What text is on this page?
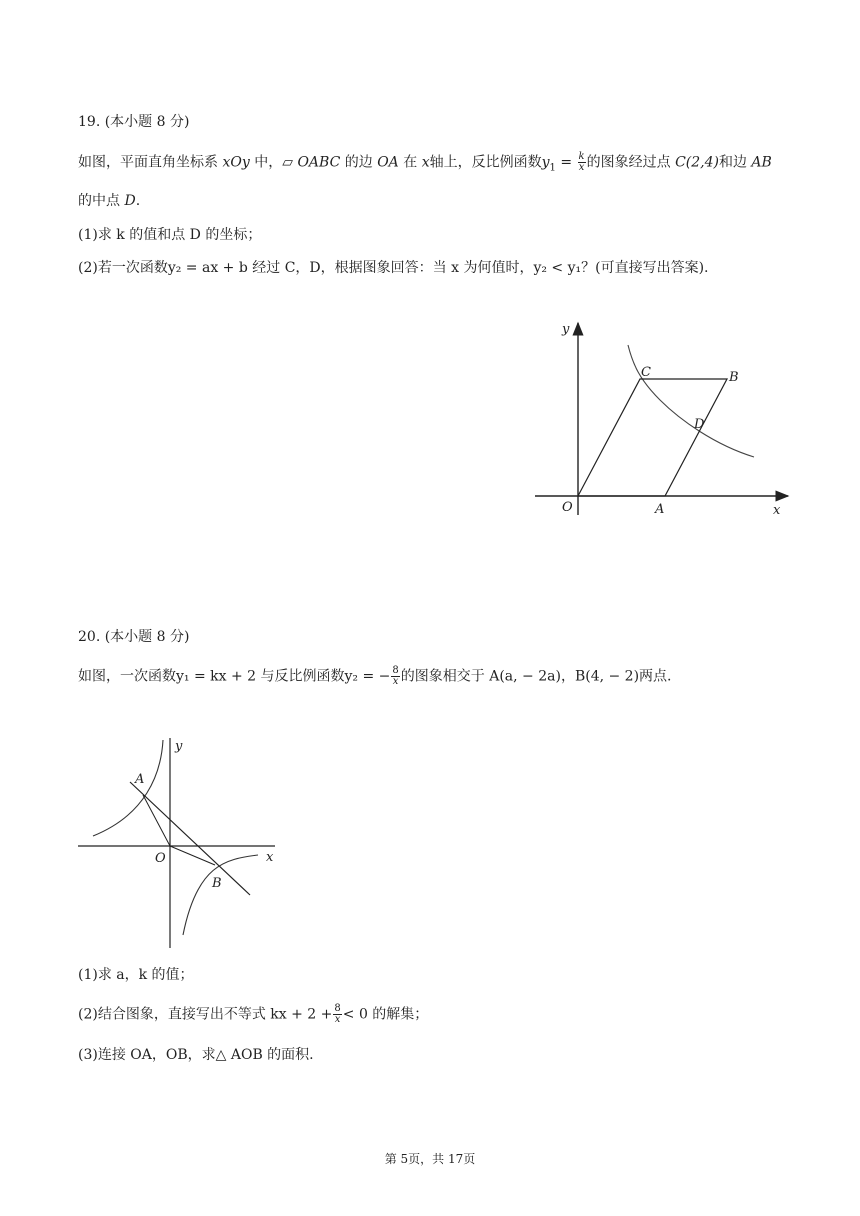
19. (本小题 8 分)
如图，平面直角坐标系 xOy 中，▱ OABC 的边 OA 在 x轴上，反比例函数$y_1 = \frac{k}{x}$ 的图象经过点 C(2,4)和边 AB
的中点 D.
(1)求 k 的值和点 D 的坐标；
(2)若一次函数y₂ = ax + b 经过 C，D，根据图象回答：当 x 为何值时，y₂ < y₁？(可直接写出答案).
y
x
O	A
B
C
D
20. (本小题 8 分)
如图，一次函数y₁ = kx + 2 与反比例函数y₂ = − $\frac{8}{x}$ 的图象相交于 A(a, − 2a)，B(4, − 2)两点.
y
x
O
A
B
(1)求 a，k 的值；
(2)结合图象，直接写出不等式 kx + $2 + \frac{8}{x} < 0$ 的解集；
(3)连接 OA，OB，求△ AOB 的面积.
第 5页，共 17页
